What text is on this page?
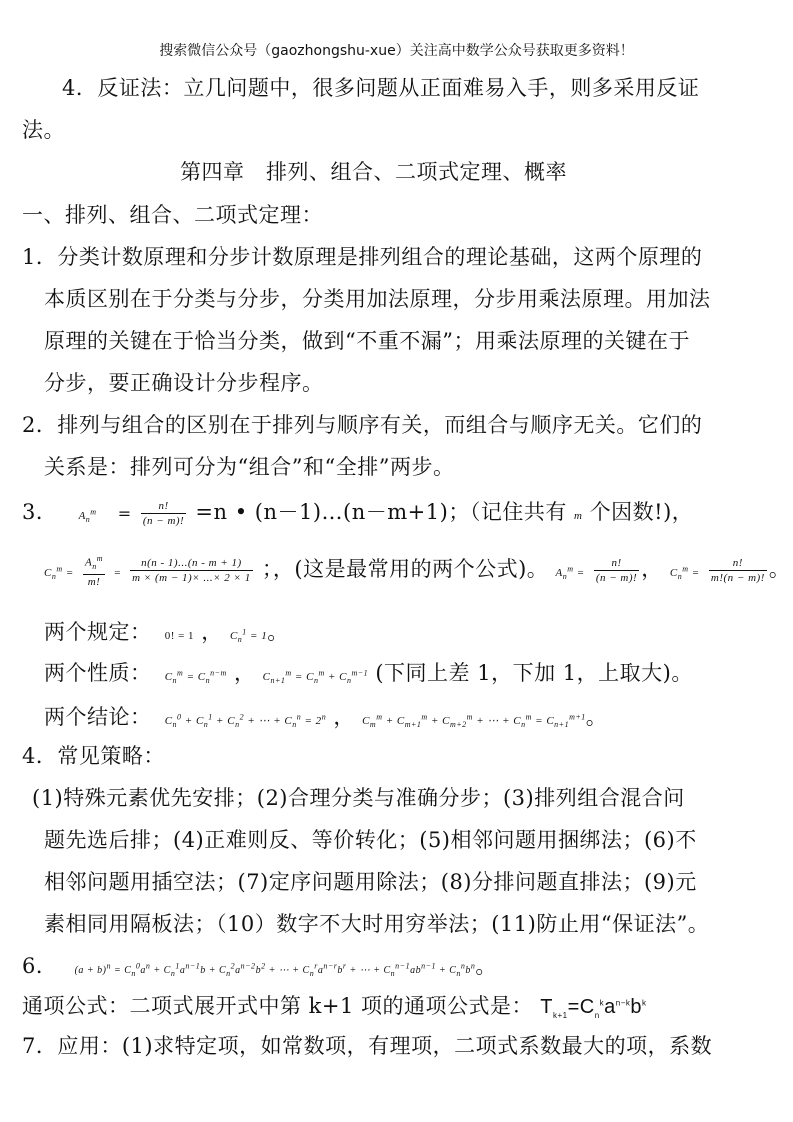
搜索微信公众号（gaozhongshu-xue）关注高中数学公众号获取更多资料！
4．反证法：立几问题中，很多问题从正面难易入手，则多采用反证
法。
第四章　排列、组合、二项式定理、概率
一、排列、组合、二项式定理：
1．分类计数原理和分步计数原理是排列组合的理论基础，这两个原理的
本质区别在于分类与分步，分类用加法原理，分步用乘法原理。用加法
原理的关键在于恰当分类，做到“不重不漏”；用乘法原理的关键在于
分步，要正确设计分步程序。
2．排列与组合的区别在于排列与顺序有关，而组合与顺序无关。它们的
关系是：排列可分为“组合”和“全排”两步。
3． $A_n^m = \frac{n!}{(n - m)!} =n$ • (n－1)…(n－m+1)；（记住共有 m 个因数!)，
$C_n^m = \frac{A_n^m}{m!} = \frac{n(n - 1)...(n - m + 1)}{m \times (m - 1)\times ...\times 2 \times 1}$ ；，(这是最常用的两个公式)。 $A_n^m = \frac{n!}{(n - m)!}$ ， $C_n^m = \frac{n!}{m!(n - m)!}$ 。
两个规定： 0! = 1 ， $C_n^1 = 1$。
两个性质： $C_n^m = C_n^{n-m}$ ， $C_{n+1}^m = C_n^m + C_n^{m-1}$ (下同上差 1，下加 1，上取大)。
两个结论： $C_n^0 + C_n^1 + C_n^2$ + ⋯ + $C_n^n = 2^n$ ， $C_m^m + C_{m+1}^m + C_{m+2}^m$ + ⋯ + $C_n^m = C_{n+1}^{m+1}$。
4．常见策略：
(1)特殊元素优先安排；(2)合理分类与准确分步；(3)排列组合混合问
题先选后排；(4)正难则反、等价转化；(5)相邻问题用捆绑法；(6)不
相邻问题用插空法；(7)定序问题用除法；(8)分排问题直排法；(9)元
素相同用隔板法；（10）数字不大时用穷举法；(11)防止用“保证法”。
6． $(a + b)^n = C_n^0a^n + C_n^1a^{n-1}b + C_n^2a^{n-2}b^2$ + ⋯ + $C_n^ra^{n-r}b^r$ + ⋯ + $C_n^{n-1}ab^{n-1} + C_n^nb^n$。
通项公式：二项式展开式中第 k+1 项的通项公式是： $T_{k+1}=C_n^ka^{n-k}b^k$
7．应用：(1)求特定项，如常数项，有理项，二项式系数最大的项，系数
